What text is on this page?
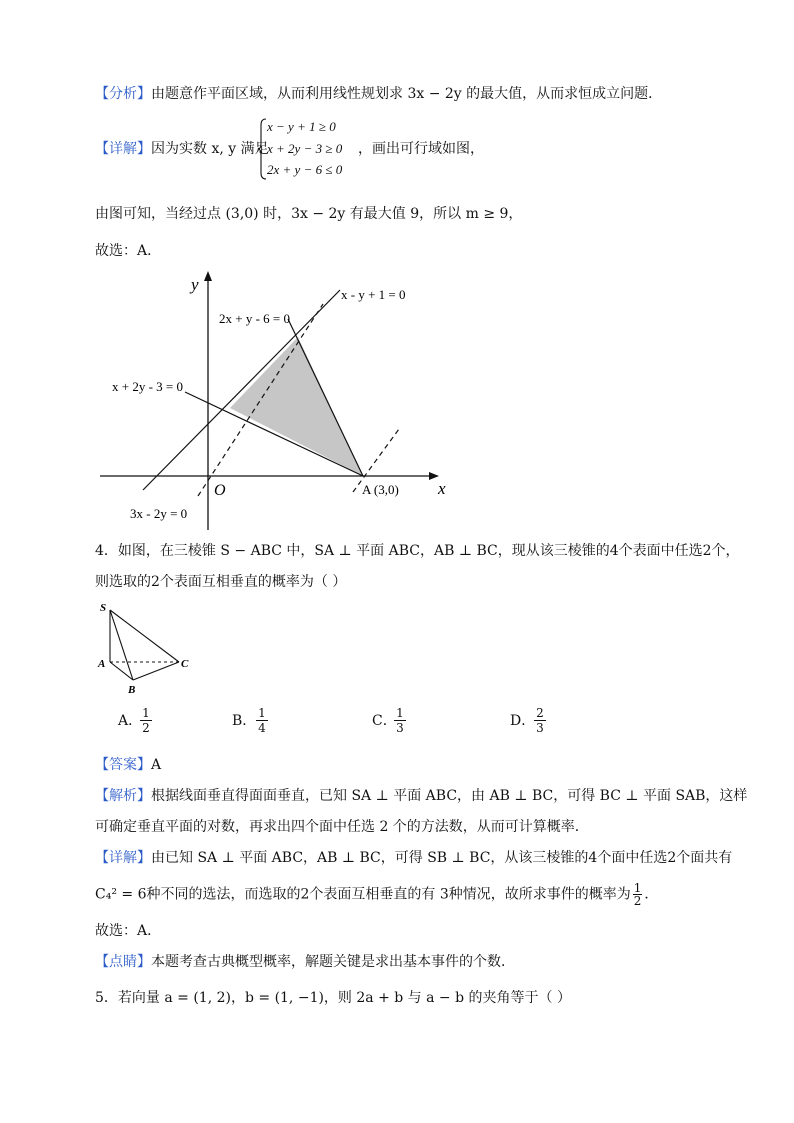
【分析】由题意作平面区域，从而利用线性规划求 3x − 2y 的最大值，从而求恒成立问题．
【详解】因为实数 x, y 满足
x − y + 1 ≥ 0
x + 2y − 3 ≥ 0
2x + y − 6 ≤ 0
，画出可行域如图，
由图可知，当经过点 (3,0) 时，3x − 2y 有最大值 9，所以 m ≥ 9，
故选：A．
x
y
O	A (3,0)
x - y + 1 = 0
2x + y - 6 = 0
x + 2y - 3 = 0
3x - 2y = 0
4．如图，在三棱锥 S − ABC 中，SA ⊥ 平面 ABC，AB ⊥ BC，现从该三棱锥的4个表面中任选2个，
则选取的2个表面互相垂直的概率为（ ）
S
A
B
C
A．
$\frac{1}{2}$	B． $\frac{1}{4}$	C．
$\frac{1}{3}$	D．
$\frac{2}{3}$
【答案】A
【解析】根据线面垂直得面面垂直，已知 SA ⊥ 平面 ABC，由 AB ⊥ BC，可得 BC ⊥ 平面 SAB，这样
可确定垂直平面的对数，再求出四个面中任选 2 个的方法数，从而可计算概率．
【详解】由已知 SA ⊥ 平面 ABC，AB ⊥ BC，可得 SB ⊥ BC，从该三棱锥的4个面中任选2个面共有
C₄² = 6种不同的选法，而选取的2个表面互相垂直的有 3种情况，故所求事件的概率为 $\frac{1}{2}$ ．
故选：A．
【点睛】本题考查古典概型概率，解题关键是求出基本事件的个数．
5．若向量 a = (1, 2)，b = (1, −1)，则 2a + b 与 a − b 的夹角等于（ ）
